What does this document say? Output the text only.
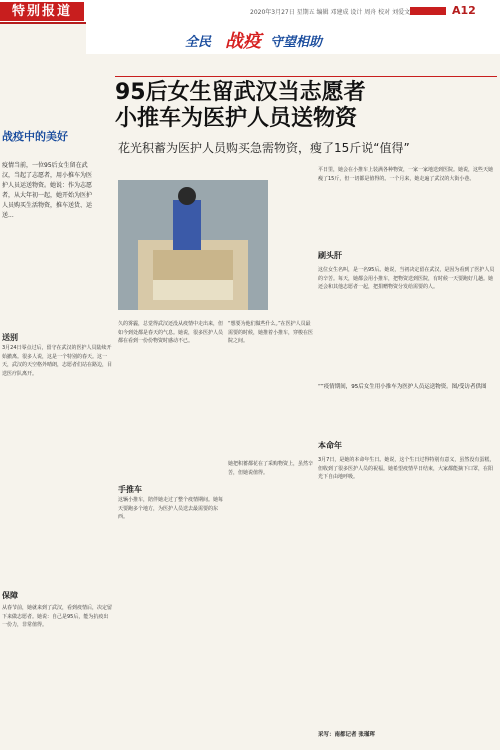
特别报道	2020年3月27日 星期五 编辑 邓建成 设计 周舟 校对 刘爱文	A12
全民 战疫 守望相助
战疫中的美好
95后女生留武汉当志愿者
小推车为医护人员送物资
花光积蓄为医护人员购买急需物资，瘦了15斤说“值得”
疫情当前，一位95后女生留在武汉，当起了志愿者，用小推车为医护人员运送物资。她说：作为志愿者，从大年初一起，她开始为医护人员购买生活物资，推车送货、运送...
“”疫情期间，95后女生用小推车为医护人员运送物资。图/受访者供图
送别
3月24日零点过后，留守在武汉的医护人员陆续开始撤离。很多人说，这是一个特别的春天。这一天，武汉的天空格外晴朗，志愿者们站在路边，目送医疗队离开。
保障
从春节前，她就来到了武汉，看到疫情后，决定留下来做志愿者。她说：自己是95后，能为抗疫出一份力，非常值得。
久的雾霾，总觉得武汉还没从疫情中走出来，但如今到处都是春天的气息。她说，很多医护人员都在看到一份份物资时感动不已。
“想要为他们做些什么。”在医护人员最需要的时候，她推着小推车，穿梭在医院之间。
手推车
这辆小推车，陪伴她走过了整个疫情期间。她每天要跑多个地方，为医护人员送去最需要的东西。
她把积蓄都花在了采购物资上，虽然辛苦，但她说值得。
平日里，她会在小推车上装满各种物资，一家一家地送到医院。她说，这些天她瘦了15斤，但一切都是值得的。一个月来，她走遍了武汉的大街小巷。
刷头肝
这位女生名叫，是一名95后。她说，当初决定留在武汉，是因为看到了医护人员的辛苦。每天，她都会用小推车，把物资送到医院，有时候一天要跑好几趟。她还会和其他志愿者一起，把捐赠物资分发给需要的人。
本命年
3月7日，是她的本命年生日。她说，这个生日过得特别有意义，虽然没有蛋糕，但收到了很多医护人员的祝福。她希望疫情早日结束，大家都能摘下口罩，在阳光下自由地呼吸。
采写：南都记者 张瑾珲
